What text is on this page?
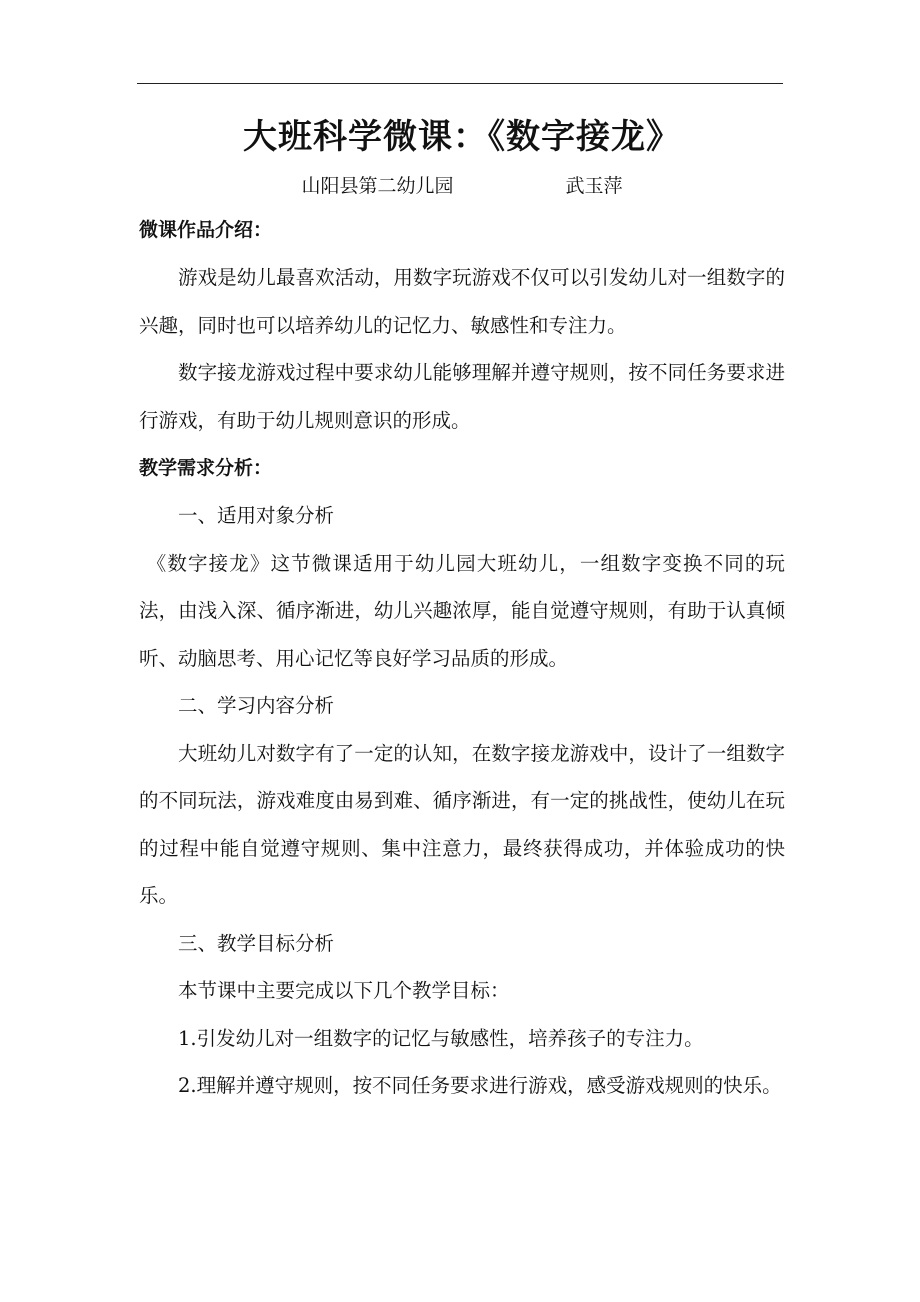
大班科学微课：《数字接龙》

山阳县第二幼儿园	武玉萍

微课作品介绍：

游戏是幼儿最喜欢活动，用数字玩游戏不仅可以引发幼儿对一组数字的兴趣，同时也可以培养幼儿的记忆力、敏感性和专注力。

数字接龙游戏过程中要求幼儿能够理解并遵守规则，按不同任务要求进行游戏，有助于幼儿规则意识的形成。

教学需求分析：

一、适用对象分析

《数字接龙》这节微课适用于幼儿园大班幼儿，一组数字变换不同的玩法，由浅入深、循序渐进，幼儿兴趣浓厚，能自觉遵守规则，有助于认真倾听、动脑思考、用心记忆等良好学习品质的形成。

二、学习内容分析

大班幼儿对数字有了一定的认知，在数字接龙游戏中，设计了一组数字的不同玩法，游戏难度由易到难、循序渐进，有一定的挑战性，使幼儿在玩的过程中能自觉遵守规则、集中注意力，最终获得成功，并体验成功的快乐。

三、教学目标分析

本节课中主要完成以下几个教学目标：

1.引发幼儿对一组数字的记忆与敏感性，培养孩子的专注力。

2.理解并遵守规则，按不同任务要求进行游戏，感受游戏规则的快乐。
